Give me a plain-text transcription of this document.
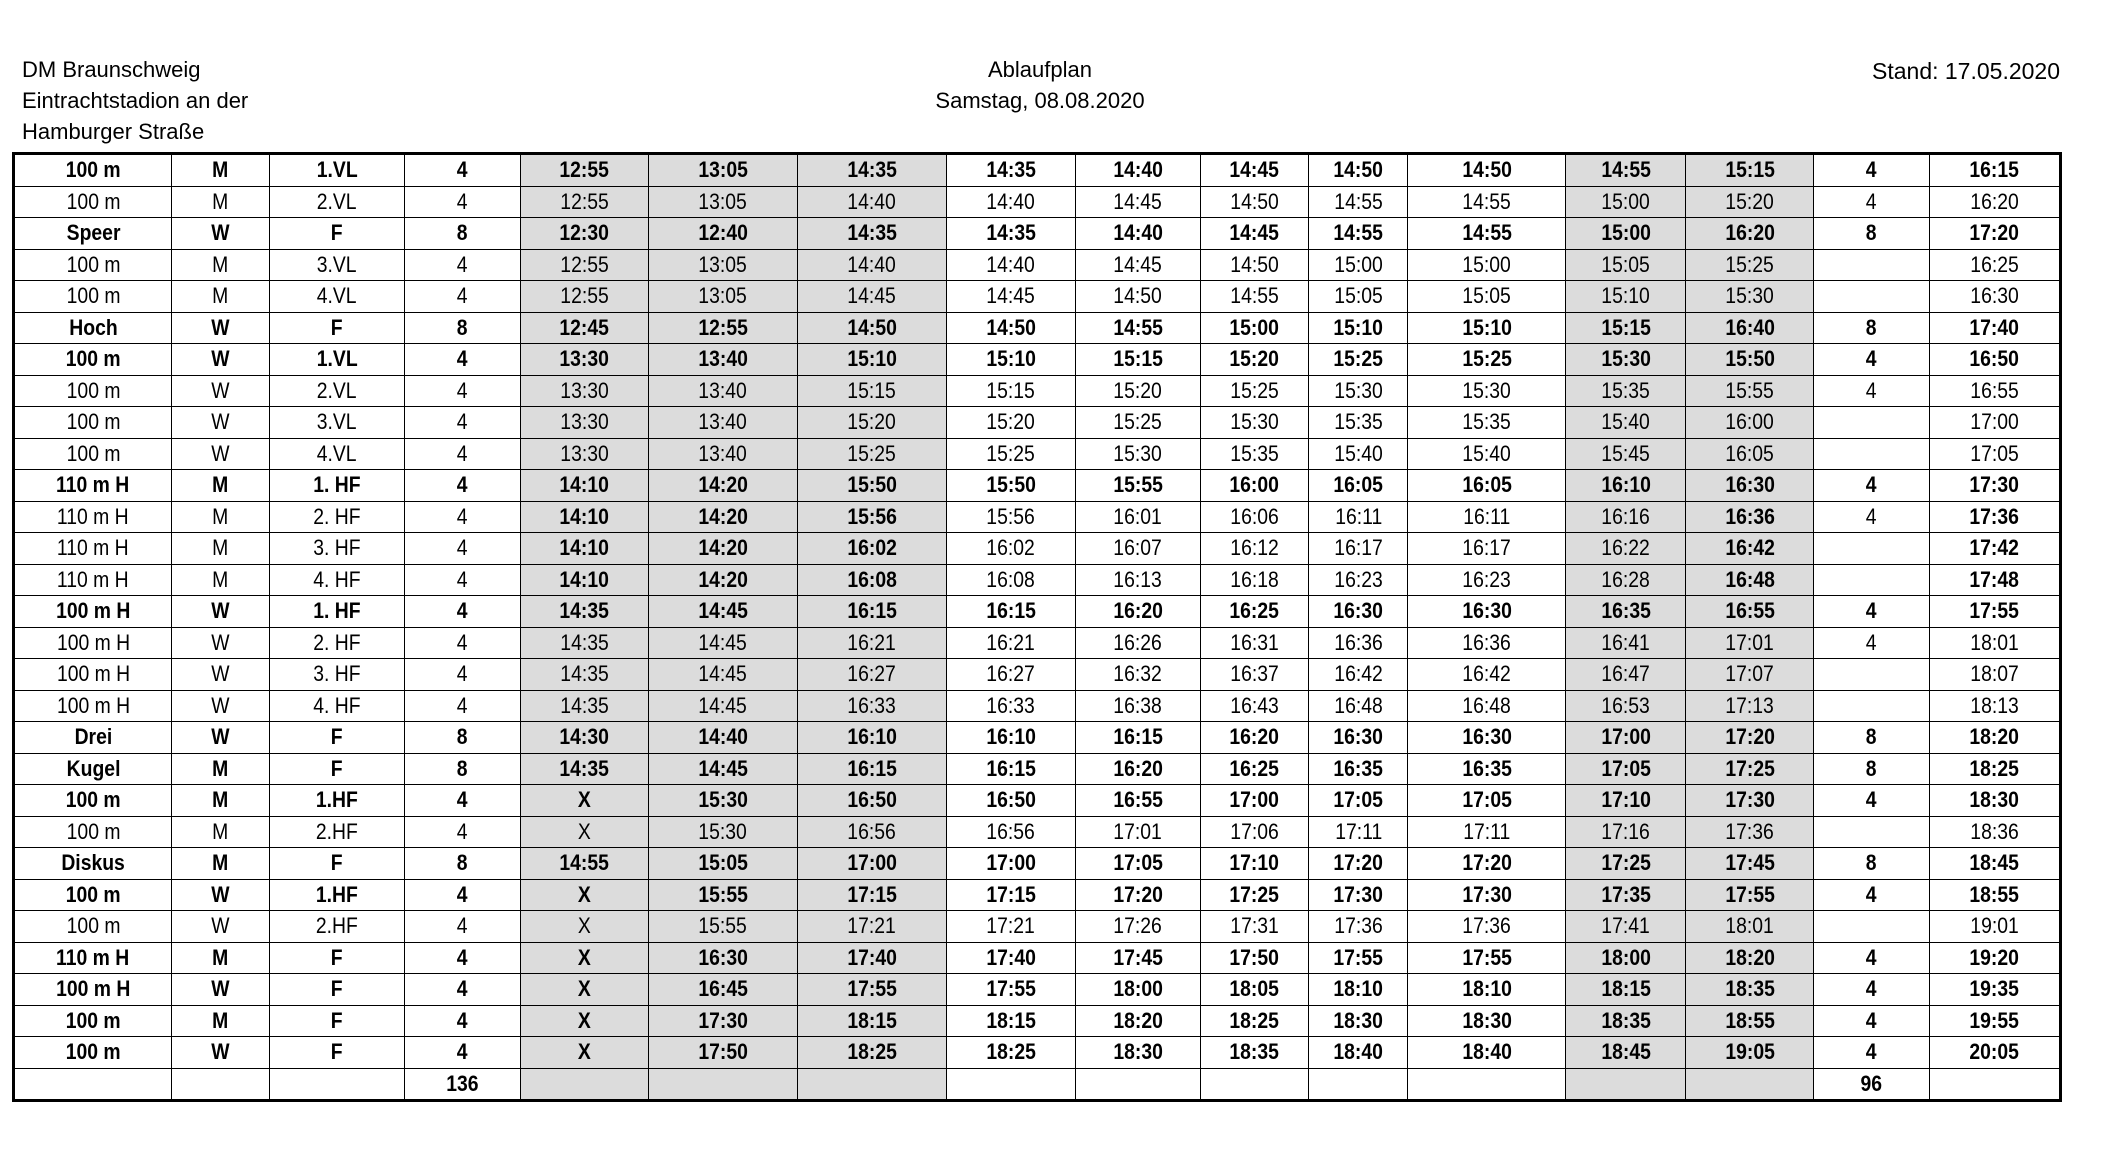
DM Braunschweig
Eintrachtstadion an der
Hamburger Straße
Ablaufplan
Samstag, 08.08.2020
Stand: 17.05.2020
100 m	M	1.VL	4	12:55	13:05	14:35	14:35	14:40	14:45	14:50	14:50	14:55	15:15	4	16:15
100 m	M	2.VL	4	12:55	13:05	14:40	14:40	14:45	14:50	14:55	14:55	15:00	15:20	4	16:20
Speer	W	F	8	12:30	12:40	14:35	14:35	14:40	14:45	14:55	14:55	15:00	16:20	8	17:20
100 m	M	3.VL	4	12:55	13:05	14:40	14:40	14:45	14:50	15:00	15:00	15:05	15:25		16:25
100 m	M	4.VL	4	12:55	13:05	14:45	14:45	14:50	14:55	15:05	15:05	15:10	15:30		16:30
Hoch	W	F	8	12:45	12:55	14:50	14:50	14:55	15:00	15:10	15:10	15:15	16:40	8	17:40
100 m	W	1.VL	4	13:30	13:40	15:10	15:10	15:15	15:20	15:25	15:25	15:30	15:50	4	16:50
100 m	W	2.VL	4	13:30	13:40	15:15	15:15	15:20	15:25	15:30	15:30	15:35	15:55	4	16:55
100 m	W	3.VL	4	13:30	13:40	15:20	15:20	15:25	15:30	15:35	15:35	15:40	16:00		17:00
100 m	W	4.VL	4	13:30	13:40	15:25	15:25	15:30	15:35	15:40	15:40	15:45	16:05		17:05
110 m H	M	1. HF	4	14:10	14:20	15:50	15:50	15:55	16:00	16:05	16:05	16:10	16:30	4	17:30
110 m H	M	2. HF	4	14:10	14:20	15:56	15:56	16:01	16:06	16:11	16:11	16:16	16:36	4	17:36
110 m H	M	3. HF	4	14:10	14:20	16:02	16:02	16:07	16:12	16:17	16:17	16:22	16:42		17:42
110 m H	M	4. HF	4	14:10	14:20	16:08	16:08	16:13	16:18	16:23	16:23	16:28	16:48		17:48
100 m H	W	1. HF	4	14:35	14:45	16:15	16:15	16:20	16:25	16:30	16:30	16:35	16:55	4	17:55
100 m H	W	2. HF	4	14:35	14:45	16:21	16:21	16:26	16:31	16:36	16:36	16:41	17:01	4	18:01
100 m H	W	3. HF	4	14:35	14:45	16:27	16:27	16:32	16:37	16:42	16:42	16:47	17:07		18:07
100 m H	W	4. HF	4	14:35	14:45	16:33	16:33	16:38	16:43	16:48	16:48	16:53	17:13		18:13
Drei	W	F	8	14:30	14:40	16:10	16:10	16:15	16:20	16:30	16:30	17:00	17:20	8	18:20
Kugel	M	F	8	14:35	14:45	16:15	16:15	16:20	16:25	16:35	16:35	17:05	17:25	8	18:25
100 m	M	1.HF	4	X	15:30	16:50	16:50	16:55	17:00	17:05	17:05	17:10	17:30	4	18:30
100 m	M	2.HF	4	X	15:30	16:56	16:56	17:01	17:06	17:11	17:11	17:16	17:36		18:36
Diskus	M	F	8	14:55	15:05	17:00	17:00	17:05	17:10	17:20	17:20	17:25	17:45	8	18:45
100 m	W	1.HF	4	X	15:55	17:15	17:15	17:20	17:25	17:30	17:30	17:35	17:55	4	18:55
100 m	W	2.HF	4	X	15:55	17:21	17:21	17:26	17:31	17:36	17:36	17:41	18:01		19:01
110 m H	M	F	4	X	16:30	17:40	17:40	17:45	17:50	17:55	17:55	18:00	18:20	4	19:20
100 m H	W	F	4	X	16:45	17:55	17:55	18:00	18:05	18:10	18:10	18:15	18:35	4	19:35
100 m	M	F	4	X	17:30	18:15	18:15	18:20	18:25	18:30	18:30	18:35	18:55	4	19:55
100 m	W	F	4	X	17:50	18:25	18:25	18:30	18:35	18:40	18:40	18:45	19:05	4	20:05
			136											96	
